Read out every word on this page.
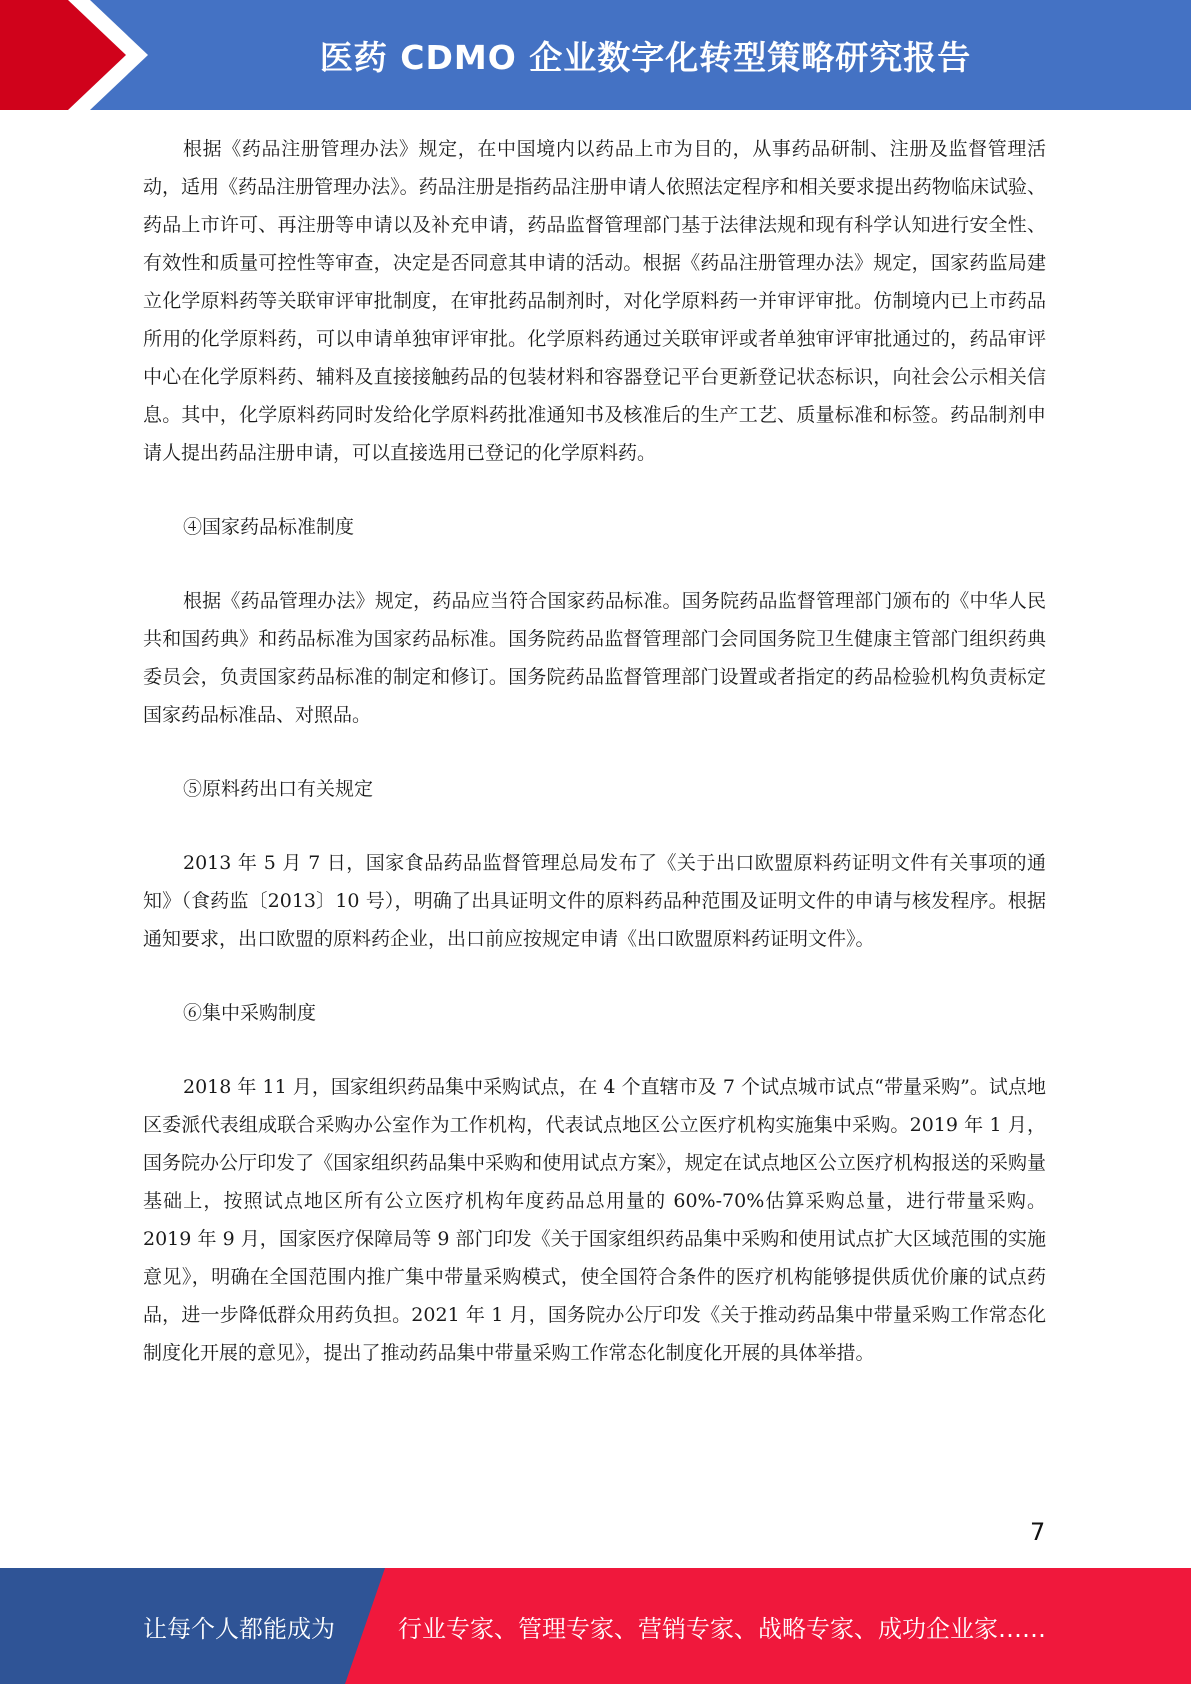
医药 CDMO 企业数字化转型策略研究报告

根据《药品注册管理办法》规定，在中国境内以药品上市为目的，从事药品研制、注册及监督管理活动，适用《药品注册管理办法》。药品注册是指药品注册申请人依照法定程序和相关要求提出药物临床试验、药品上市许可、再注册等申请以及补充申请，药品监督管理部门基于法律法规和现有科学认知进行安全性、有效性和质量可控性等审查，决定是否同意其申请的活动。根据《药品注册管理办法》规定，国家药监局建立化学原料药等关联审评审批制度，在审批药品制剂时，对化学原料药一并审评审批。仿制境内已上市药品所用的化学原料药，可以申请单独审评审批。化学原料药通过关联审评或者单独审评审批通过的，药品审评中心在化学原料药、辅料及直接接触药品的包装材料和容器登记平台更新登记状态标识，向社会公示相关信息。其中，化学原料药同时发给化学原料药批准通知书及核准后的生产工艺、质量标准和标签。药品制剂申请人提出药品注册申请，可以直接选用已登记的化学原料药。

④国家药品标准制度

根据《药品管理办法》规定，药品应当符合国家药品标准。国务院药品监督管理部门颁布的《中华人民共和国药典》和药品标准为国家药品标准。国务院药品监督管理部门会同国务院卫生健康主管部门组织药典委员会，负责国家药品标准的制定和修订。国务院药品监督管理部门设置或者指定的药品检验机构负责标定国家药品标准品、对照品。

⑤原料药出口有关规定

2013 年 5 月 7 日，国家食品药品监督管理总局发布了《关于出口欧盟原料药证明文件有关事项的通知》（食药监〔2013〕10 号），明确了出具证明文件的原料药品种范围及证明文件的申请与核发程序。根据通知要求，出口欧盟的原料药企业，出口前应按规定申请《出口欧盟原料药证明文件》。

⑥集中采购制度

2018 年 11 月，国家组织药品集中采购试点，在 4 个直辖市及 7 个试点城市试点“带量采购”。试点地区委派代表组成联合采购办公室作为工作机构，代表试点地区公立医疗机构实施集中采购。2019 年 1 月，国务院办公厅印发了《国家组织药品集中采购和使用试点方案》，规定在试点地区公立医疗机构报送的采购量基础上，按照试点地区所有公立医疗机构年度药品总用量的 60%-70%估算采购总量，进行带量采购。2019 年 9 月，国家医疗保障局等 9 部门印发《关于国家组织药品集中采购和使用试点扩大区域范围的实施意见》，明确在全国范围内推广集中带量采购模式，使全国符合条件的医疗机构能够提供质优价廉的试点药品，进一步降低群众用药负担。2021 年 1 月，国务院办公厅印发《关于推动药品集中带量采购工作常态化制度化开展的意见》，提出了推动药品集中带量采购工作常态化制度化开展的具体举措。

7
让每个人都能成为	行业专家、管理专家、营销专家、战略专家、成功企业家……
